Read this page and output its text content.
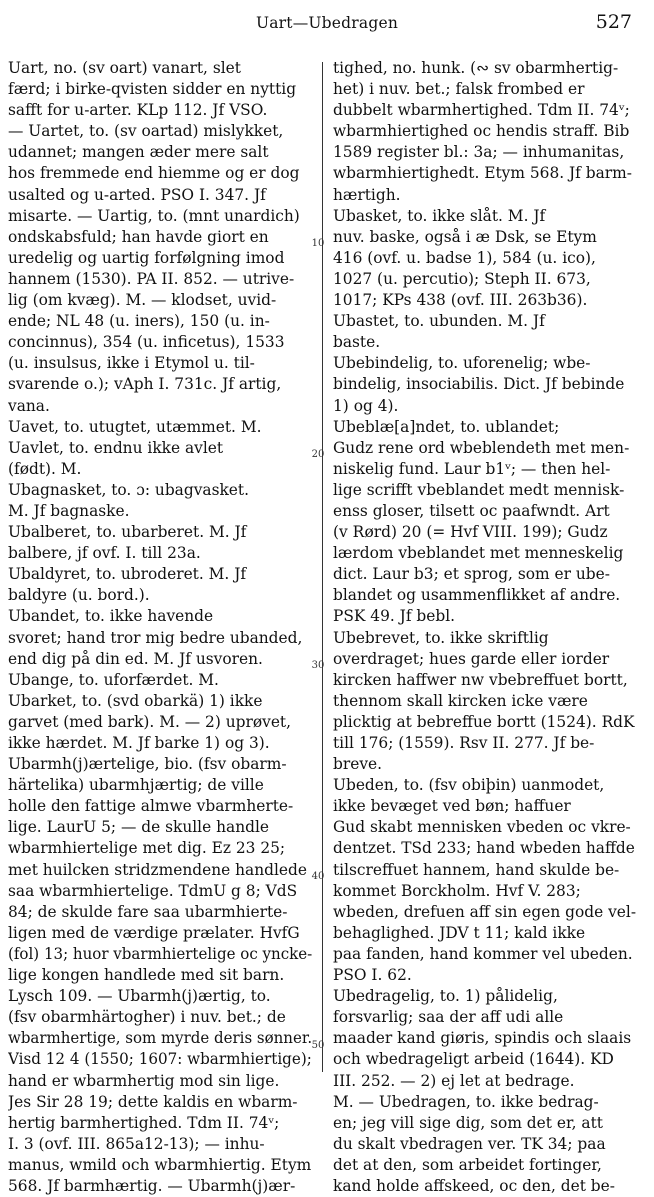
Uart—Ubedragen	527
10
20
30
40
50
Uart, no. (sv oart) vanart, slet
færd; i birke-qvisten sidder en nyttig
safft for u-arter. KLp 112. Jf VSO.
— Uartet, to. (sv oartad) mislykket,
udannet; mangen æder mere salt
hos fremmede end hiemme og er dog
usalted og u-arted. PSO I. 347. Jf
misarte. — Uartig, to. (mnt unardich)
ondskabsfuld; han havde giort en
uredelig og uartig forfølgning imod
hannem (1530). PA II. 852. — utrive-
lig (om kvæg). M. — klodset, uvid-
ende; NL 48 (u. iners), 150 (u. in-
concinnus), 354 (u. inficetus), 1533
(u. insulsus, ikke i Etymol u. til-
svarende o.); vAph I. 731c. Jf artig,
vana.
Uavet, to. utugtet, utæmmet. M.
Uavlet, to. endnu ikke avlet
(født). M.
Ubagnasket, to. ɔ: ubagvasket.
M. Jf bagnaske.
Ubalberet, to. ubarberet. M. Jf
balbere, jf ovf. I. till 23a.
Ubaldyret, to. ubroderet. M. Jf
baldyre (u. bord.).
Ubandet, to. ikke havende
svoret; hand tror mig bedre ubanded,
end dig på din ed. M. Jf usvoren.
Ubange, to. uforfærdet. M.
Ubarket, to. (svd obarkä) 1) ikke
garvet (med bark). M. — 2) uprøvet,
ikke hærdet. M. Jf barke 1) og 3).
Ubarmh(j)ærtelige, bio. (fsv obarm-
härtelika) ubarmhjærtig; de ville
holle den fattige almwe vbarmherte-
lige. LaurU 5; — de skulle handle
wbarmhiertelige met dig. Ez 23 25;
met huilcken stridzmendene handlede
saa wbarmhiertelige. TdmU g 8; VdS
84; de skulde fare saa ubarmhierte-
ligen med de værdige prælater. HvfG
(fol) 13; huor vbarmhiertelige oc ynckе-
lige kongen handlede med sit barn.
Lysch 109. — Ubarmh(j)ærtig, to.
(fsv obarmhärtogher) i nuv. bet.; de
wbarmhertige, som myrde deris sønner.
Visd 12 4 (1550; 1607: wbarmhiertige);
hand er wbarmhertig mod sin lige.
Jes Sir 28 19; dette kaldis en wbarm-
hertig barmhertighed. Tdm II. 74ᵛ;
I. 3 (ovf. III. 865a12-13); — inhu-
manus, wmild och wbarmhiertig. Etym
568. Jf barmhærtig. — Ubarmh(j)ær-
tighed, no. hunk. (∾ sv obarmhertig-
het) i nuv. bet.; falsk frombed er
dubbelt wbarmhertighed. Tdm II. 74ᵛ;
wbarmhiertighed oc hendis straff. Bib
1589 register bl.: 3a; — inhumanitas,
wbarmhiertighedt. Etym 568. Jf barm-
hærtigh.
Ubasket, to. ikke slåt. M. Jf
nuv. baske, også i æ Dsk, se Etym
416 (ovf. u. badse 1), 584 (u. ico),
1027 (u. percutio); Steph II. 673,
1017; KPs 438 (ovf. III. 263b36).
Ubastet, to. ubunden. M. Jf
baste.
Ubebindelig, to. uforenelig; wbe-
bindelig, insociabilis. Dict. Jf bebinde
1) og 4).
Ubeblæ[a]ndet, to. ublandet;
Gudz rene ord wbeblendeth met men-
niskelig fund. Laur b1ᵛ; — then hel-
lige scrifft vbeblandet medt mennisk-
enss gloser, tilsett oc paafwndt. Art
(v Rørd) 20 (= Hvf VIII. 199); Gudz
lærdom vbeblandet met menneskelig
dict. Laur b3; et sprog, som er ube-
blandet og usammenflikket af andre.
PSK 49. Jf bebl.
Ubebrevet, to. ikke skriftlig
overdraget; hues garde eller iorder
kircken haffwer nw vbebreffuet bortt,
thennom skall kircken icke være
plicktig at bebreffue bortt (1524). RdK
till 176; (1559). Rsv II. 277. Jf be-
breve.
Ubeden, to. (fsv obiþin) uanmodet,
ikke bevæget ved bøn; haffuer
Gud skabt mennisken vbeden oc vkre-
dentzet. TSd 233; hand wbeden haffde
tilscreffuet hannem, hand skulde be-
kommet Borckholm. Hvf V. 283;
wbeden, drefuen aff sin egen gode vel-
behaglighed. JDV t 11; kald ikke
paa fanden, hand kommer vel ubeden.
PSO I. 62.
Ubedragelig, to. 1) pålidelig,
forsvarlig; saa der aff udi alle
maader kand giøris, spindis och slaais
och wbedrageligt arbeid (1644). KD
III. 252. — 2) ej let at bedrage.
M. — Ubedragen, to. ikke bedrag-
en; jeg vill sige dig, som det er, att
du skalt vbedragen ver. TK 34; paa
det at den, som arbeidet fortinger,
kand holde affskeed, oc den, det be-
